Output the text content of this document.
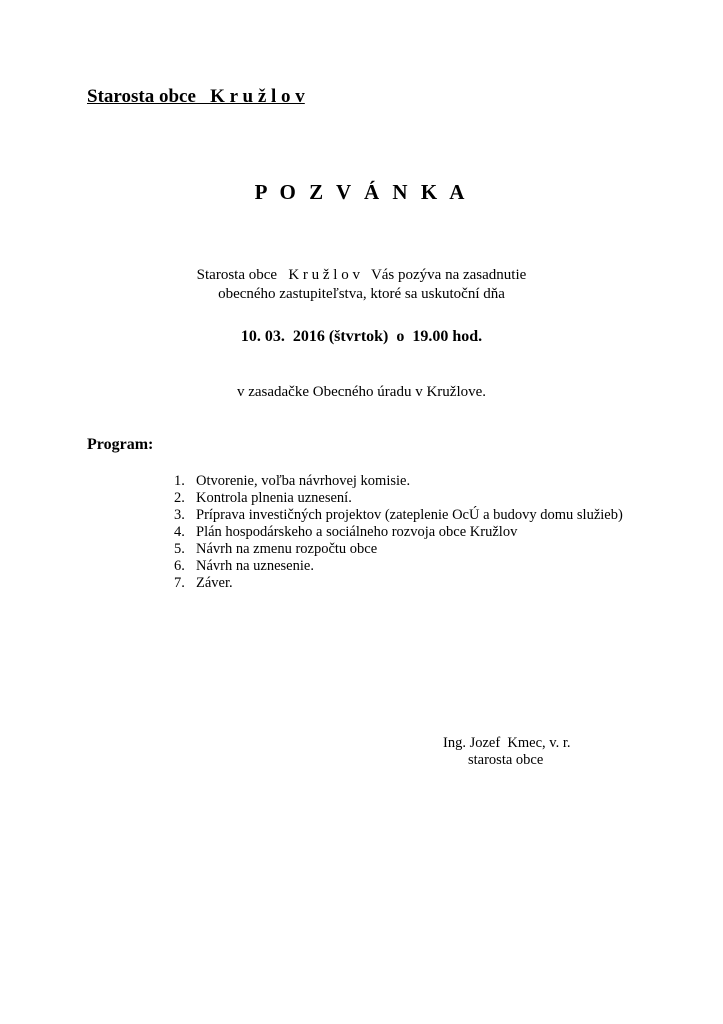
Starosta obce   K r u ž l o v
P O Z V Á N K A
Starosta obce   K r u ž l o v   Vás pozýva na zasadnutie
obecného zastupiteľstva, ktoré sa uskutoční dňa
10. 03.  2016 (štvrtok)  o  19.00 hod.
v zasadačke Obecného úradu v Kružlove.
Program:
1. Otvorenie, voľba návrhovej komisie.
2. Kontrola plnenia uznesení.
3. Príprava investičných projektov (zateplenie OcÚ a budovy domu služieb)
4. Plán hospodárskeho a sociálneho rozvoja obce Kružlov
5. Návrh na zmenu rozpočtu obce
6. Návrh na uznesenie.
7. Záver.
Ing. Jozef  Kmec, v. r.
starosta obce
